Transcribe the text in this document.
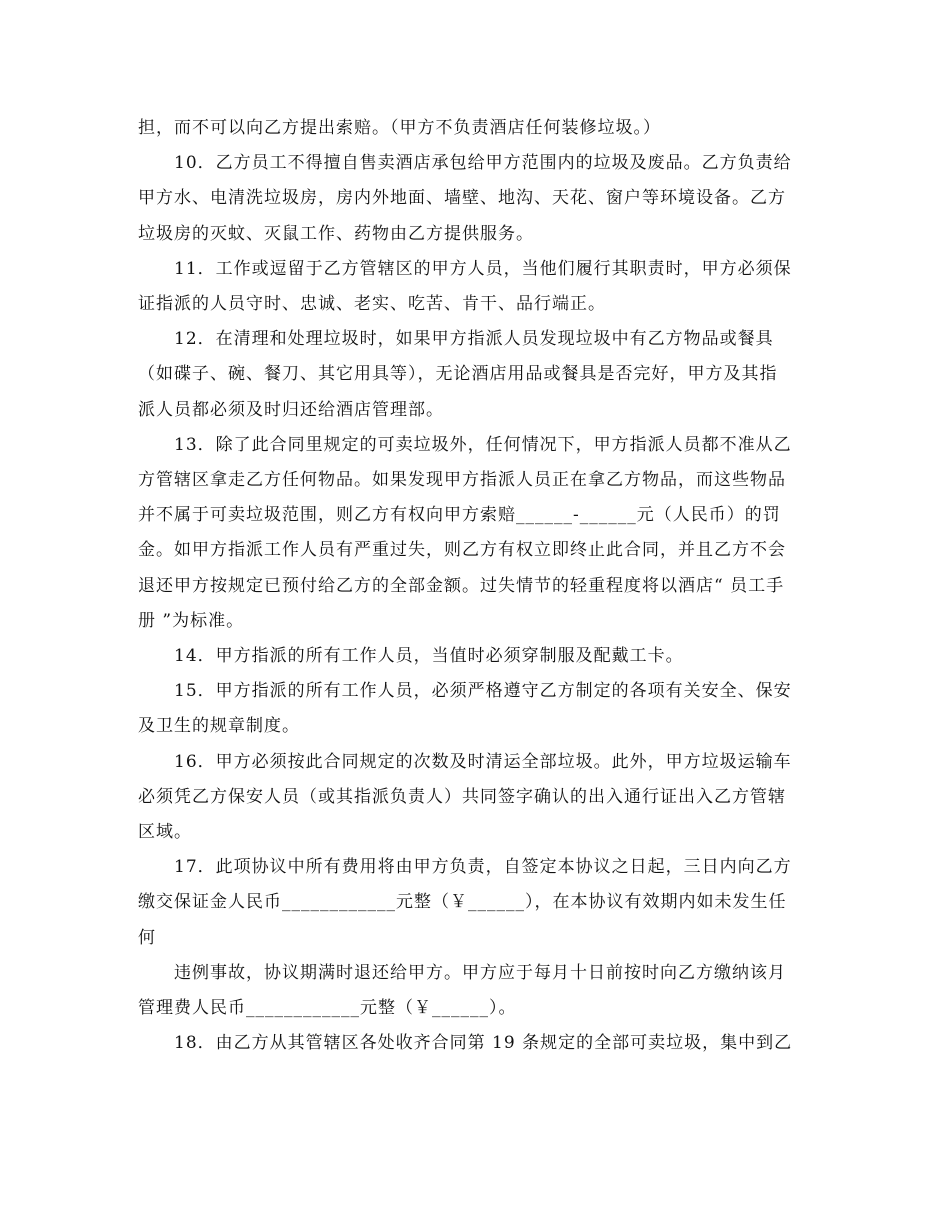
担，而不可以向乙方提出索赔。（甲方不负责酒店任何装修垃圾。）

10．乙方员工不得擅自售卖酒店承包给甲方范围内的垃圾及废品。乙方负责给

甲方水、电清洗垃圾房，房内外地面、墙壁、地沟、天花、窗户等环境设备。乙方

垃圾房的灭蚊、灭鼠工作、药物由乙方提供服务。

11．工作或逗留于乙方管辖区的甲方人员，当他们履行其职责时，甲方必须保

证指派的人员守时、忠诚、老实、吃苦、肯干、品行端正。

12．在清理和处理垃圾时，如果甲方指派人员发现垃圾中有乙方物品或餐具

（如碟子、碗、餐刀、其它用具等），无论酒店用品或餐具是否完好，甲方及其指

派人员都必须及时归还给酒店管理部。

13．除了此合同里规定的可卖垃圾外，任何情况下，甲方指派人员都不准从乙

方管辖区拿走乙方任何物品。如果发现甲方指派人员正在拿乙方物品，而这些物品

并不属于可卖垃圾范围，则乙方有权向甲方索赔______-______元（人民币）的罚

金。如甲方指派工作人员有严重过失，则乙方有权立即终止此合同，并且乙方不会

退还甲方按规定已预付给乙方的全部金额。过失情节的轻重程度将以酒店“ 员工手

册 ”为标准。

14．甲方指派的所有工作人员，当值时必须穿制服及配戴工卡。

15．甲方指派的所有工作人员，必须严格遵守乙方制定的各项有关安全、保安

及卫生的规章制度。

16．甲方必须按此合同规定的次数及时清运全部垃圾。此外，甲方垃圾运输车

必须凭乙方保安人员（或其指派负责人）共同签字确认的出入通行证出入乙方管辖

区域。

17．此项协议中所有费用将由甲方负责，自签定本协议之日起，三日内向乙方

缴交保证金人民币____________元整（￥______），在本协议有效期内如未发生任

何

违例事故，协议期满时退还给甲方。甲方应于每月十日前按时向乙方缴纳该月

管理费人民币____________元整（￥______）。

18．由乙方从其管辖区各处收齐合同第 19 条规定的全部可卖垃圾，集中到乙
